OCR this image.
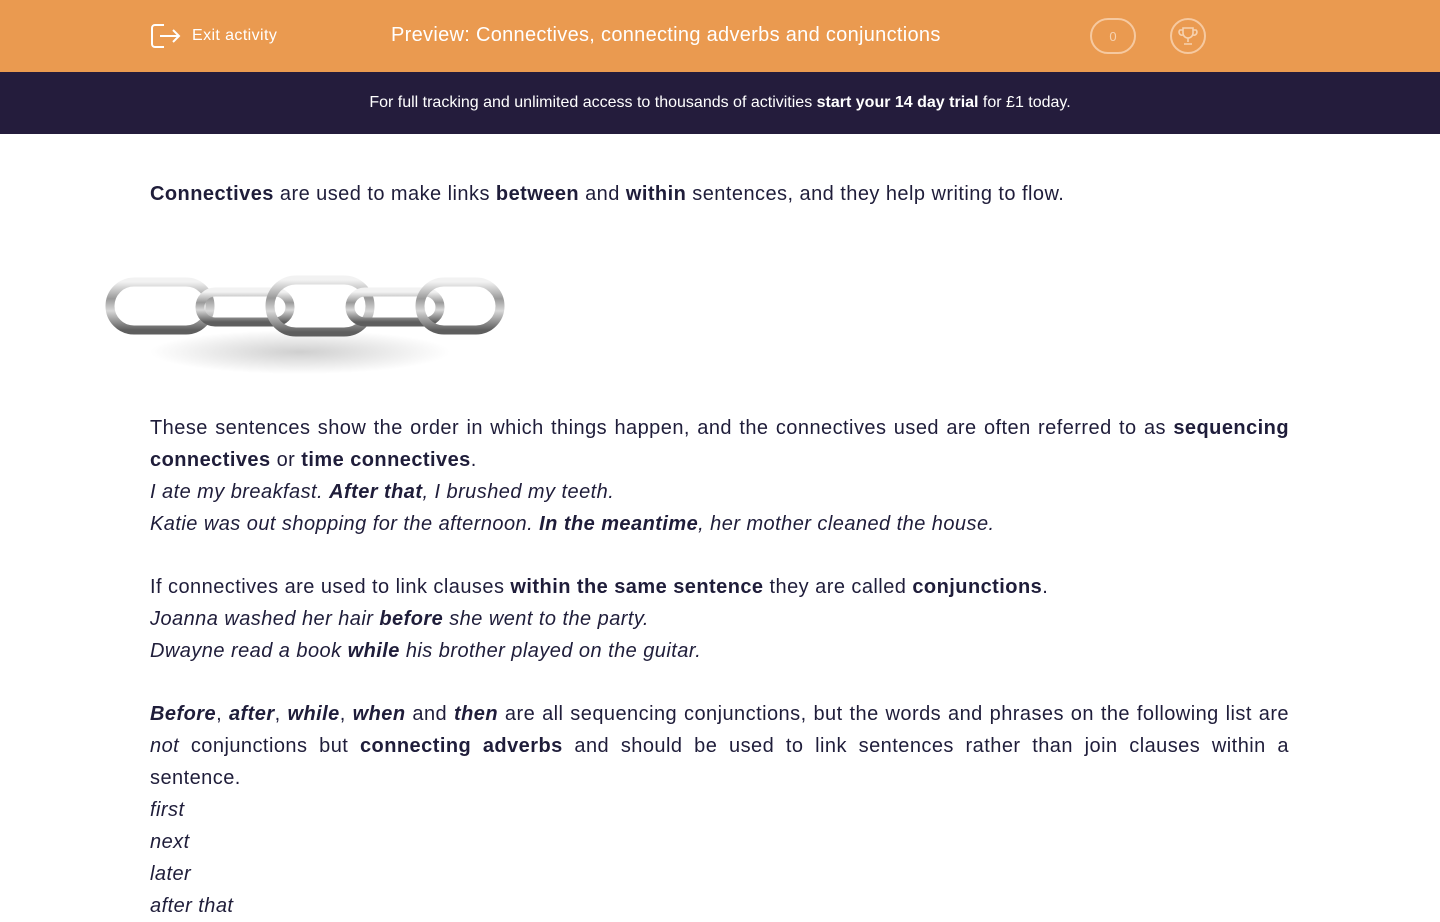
Exit activity	Preview: Connectives, connecting adverbs and conjunctions	0
For full tracking and unlimited access to thousands of activities start your 14 day trial for £1 today.

Connectives are used to make links between and within sentences, and they help writing to flow.

These sentences show the order in which things happen, and the connectives used are often referred to as sequencing connectives or time connectives.

I ate my breakfast. After that, I brushed my teeth.
Katie was out shopping for the afternoon. In the meantime, her mother cleaned the house.

If connectives are used to link clauses within the same sentence they are called conjunctions.

Joanna washed her hair before she went to the party.
Dwayne read a book while his brother played on the guitar.

Before, after, while, when and then are all sequencing conjunctions, but the words and phrases on the following list are not conjunctions but connecting adverbs and should be used to link sentences rather than join clauses within a sentence.

first
next
later
after that
